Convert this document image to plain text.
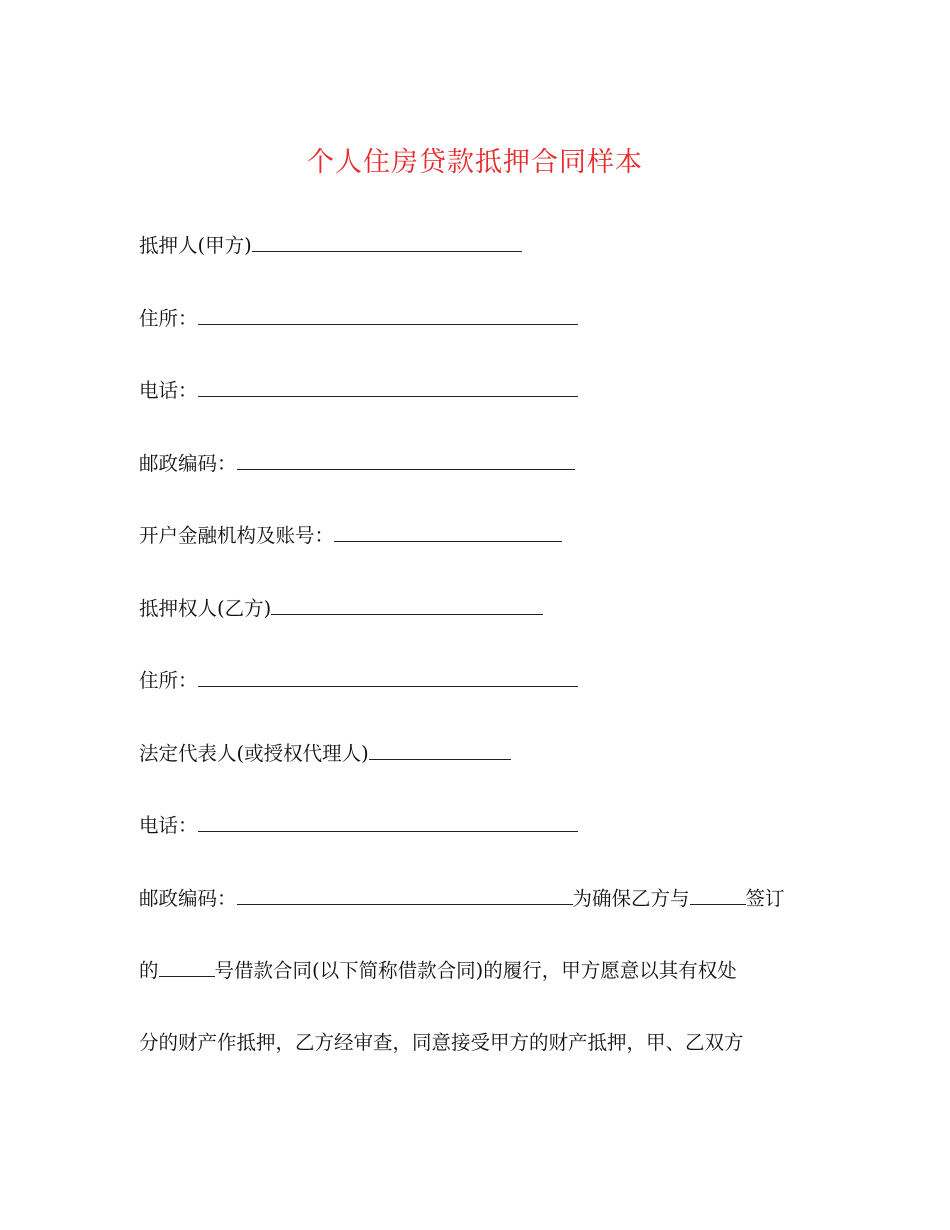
个人住房贷款抵押合同样本
抵押人(甲方)
住所：
电话：
邮政编码：
开户金融机构及账号：
抵押权人(乙方)
住所：
法定代表人(或授权代理人)
电话：
邮政编码：	为确保乙方与	签订
的	号借款合同(以下简称借款合同)的履行，甲方愿意以其有权处
分的财产作抵押，乙方经审查，同意接受甲方的财产抵押，甲、乙双方
